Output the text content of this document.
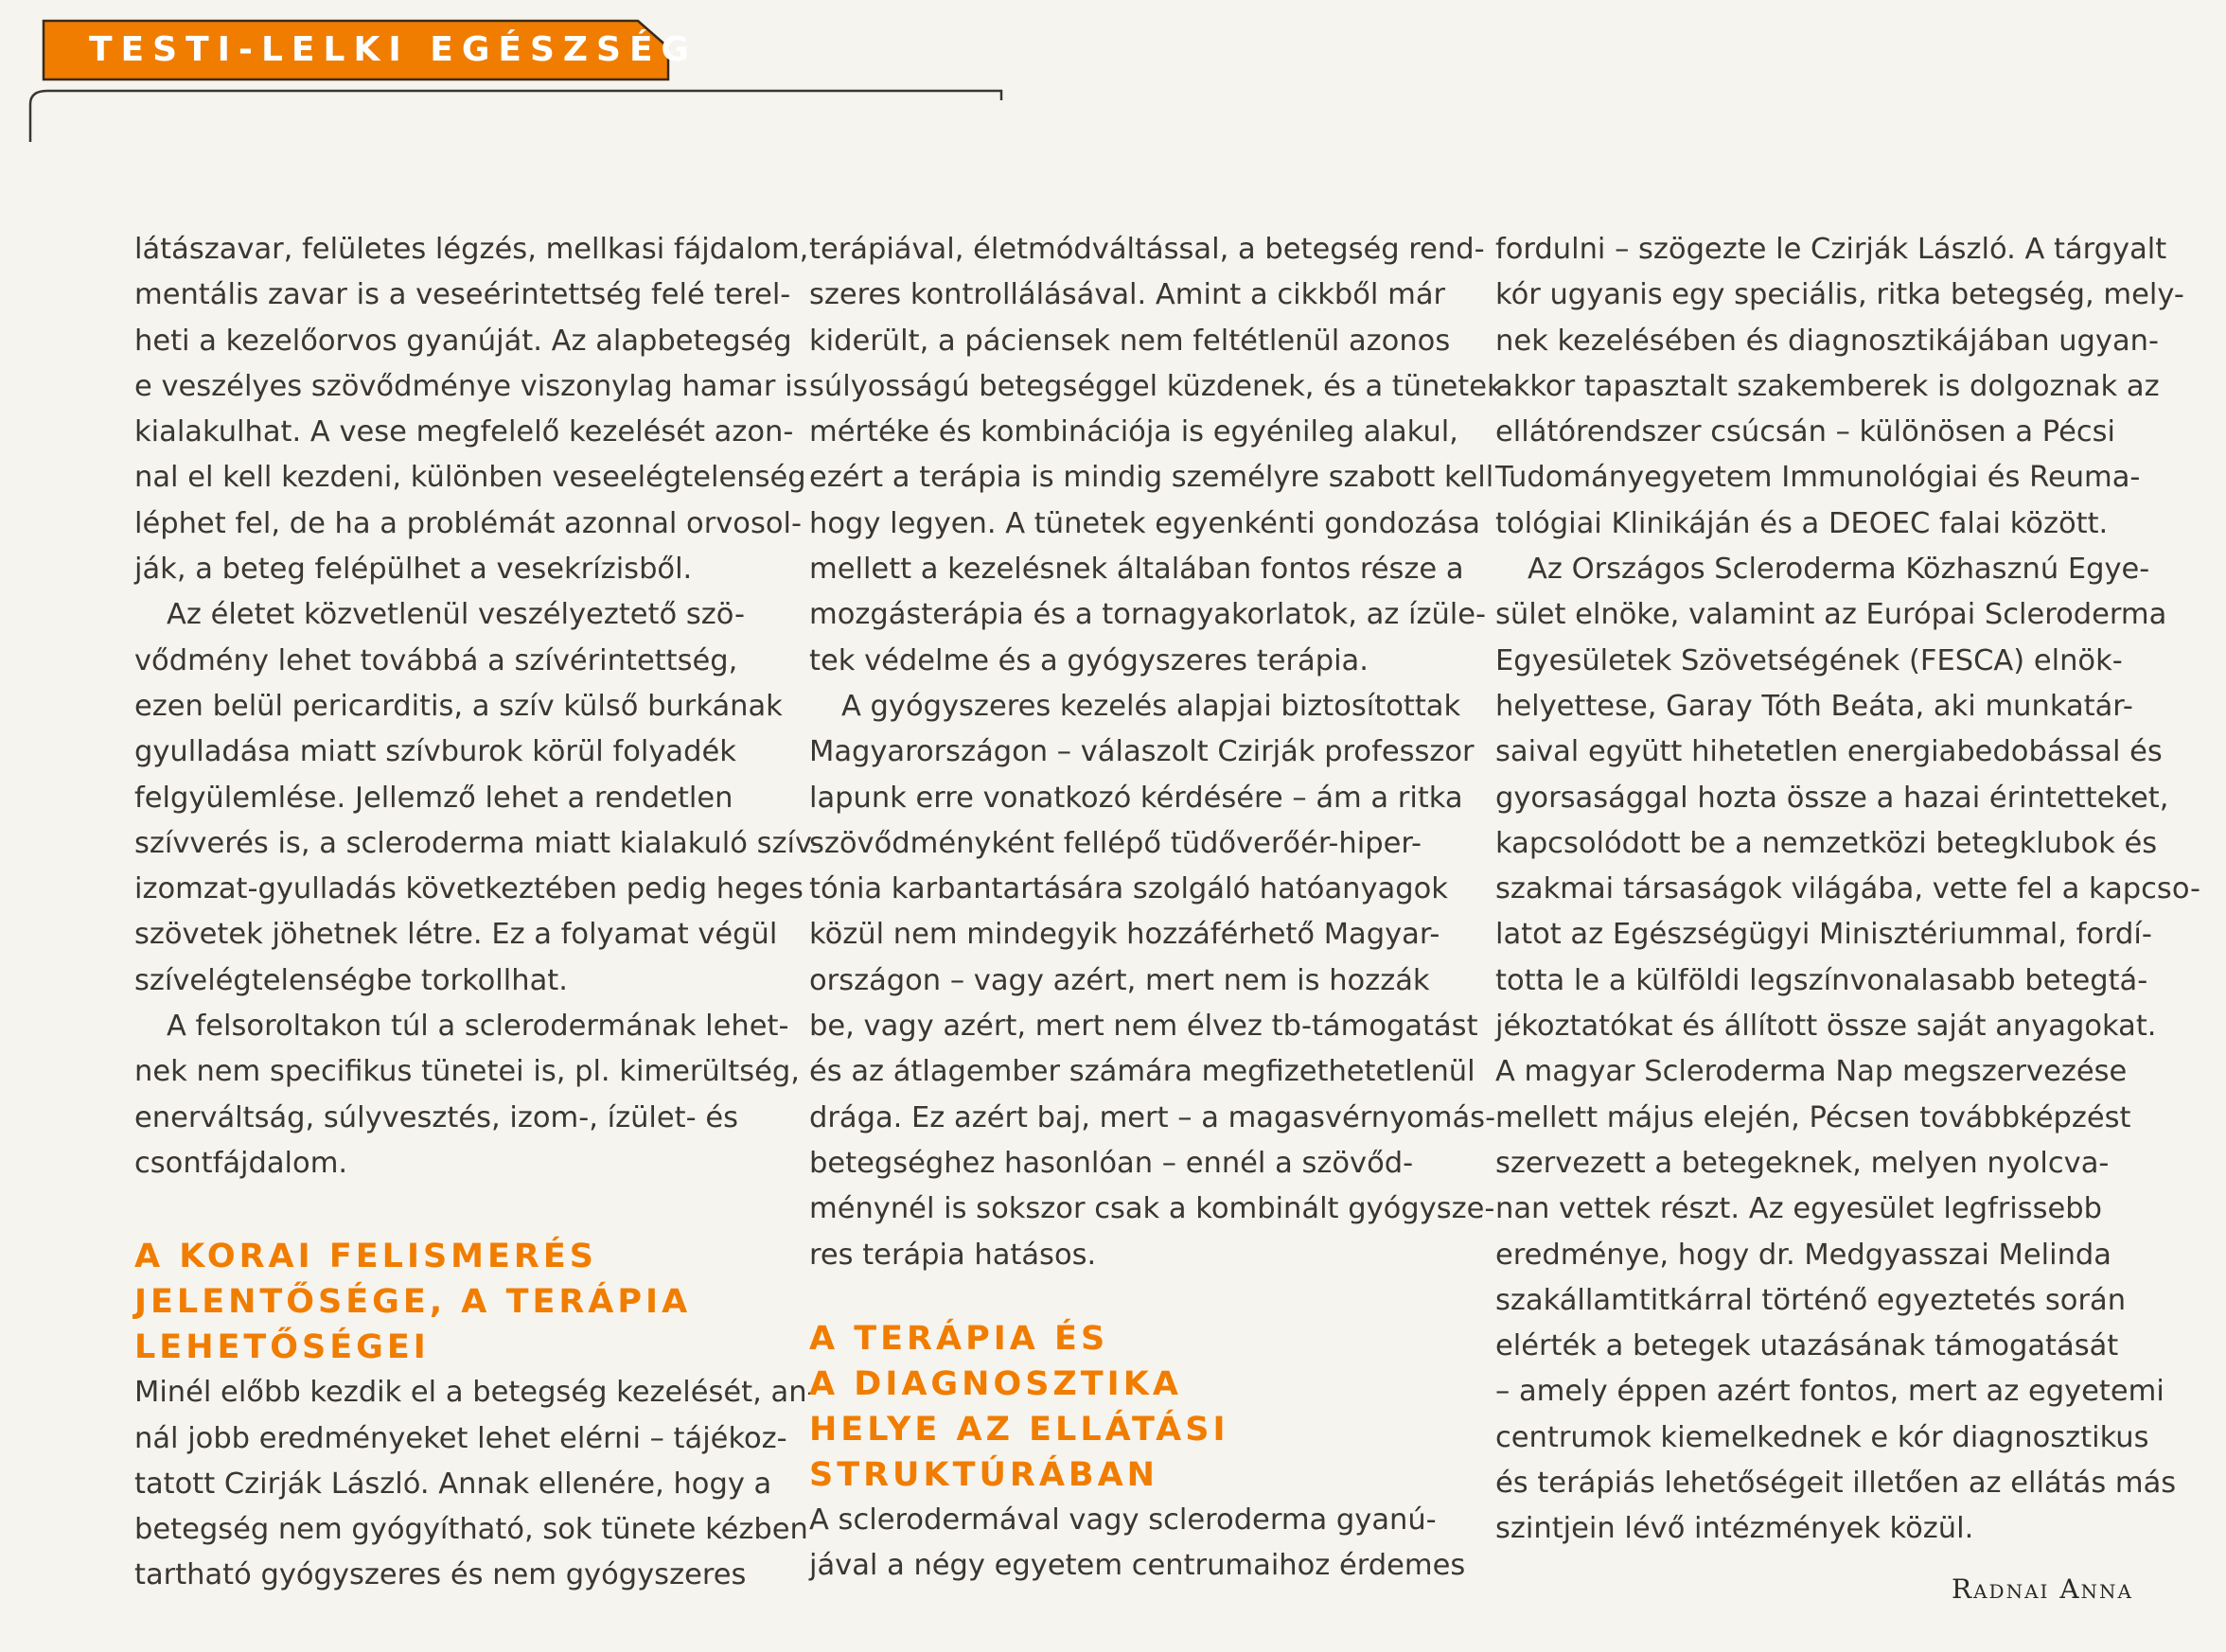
TESTI-LELKI EGÉSZSÉG
látászavar, felületes légzés, mellkasi fájdalom,
mentális zavar is a veseérintettség felé terel-
heti a kezelőorvos gyanúját. Az alapbetegség
e veszélyes szövődménye viszonylag hamar is
kialakulhat. A vese megfelelő kezelését azon-
nal el kell kezdeni, különben veseelégtelenség
léphet fel, de ha a problémát azonnal orvosol-
ják, a beteg felépülhet a vesekrízisből.
Az életet közvetlenül veszélyeztető szö-
vődmény lehet továbbá a szívérintettség,
ezen belül pericarditis, a szív külső burkának
gyulladása miatt szívburok körül folyadék
felgyülemlése. Jellemző lehet a rendetlen
szívverés is, a scleroderma miatt kialakuló szív-
izomzat-gyulladás következtében pedig heges
szövetek jöhetnek létre. Ez a folyamat végül
szívelégtelenségbe torkollhat.
A felsoroltakon túl a sclerodermának lehet-
nek nem specifikus tünetei is, pl. kimerültség,
enerváltság, súlyvesztés, izom-, ízület- és
csontfájdalom.
A KORAI FELISMERÉS
JELENTŐSÉGE, A TERÁPIA
LEHETŐSÉGEI
Minél előbb kezdik el a betegség kezelését, an-
nál jobb eredményeket lehet elérni – tájékoz-
tatott Czirják László. Annak ellenére, hogy a
betegség nem gyógyítható, sok tünete kézben
tartható gyógyszeres és nem gyógyszeres
terápiával, életmódváltással, a betegség rend-
szeres kontrollálásával. Amint a cikkből már
kiderült, a páciensek nem feltétlenül azonos
súlyosságú betegséggel küzdenek, és a tünetek
mértéke és kombinációja is egyénileg alakul,
ezért a terápia is mindig személyre szabott kell
hogy legyen. A tünetek egyenkénti gondozása
mellett a kezelésnek általában fontos része a
mozgásterápia és a tornagyakorlatok, az ízüle-
tek védelme és a gyógyszeres terápia.
A gyógyszeres kezelés alapjai biztosítottak
Magyarországon – válaszolt Czirják professzor
lapunk erre vonatkozó kérdésére – ám a ritka
szövődményként fellépő tüdőverőér-hiper-
tónia karbantartására szolgáló hatóanyagok
közül nem mindegyik hozzáférhető Magyar-
országon – vagy azért, mert nem is hozzák
be, vagy azért, mert nem élvez tb-támogatást
és az átlagember számára megfizethetetlenül
drága. Ez azért baj, mert – a magasvérnyomás-
betegséghez hasonlóan – ennél a szövőd-
ménynél is sokszor csak a kombinált gyógysze-
res terápia hatásos.
A TERÁPIA ÉS
A DIAGNOSZTIKA
HELYE AZ ELLÁTÁSI
STRUKTÚRÁBAN
A sclerodermával vagy scleroderma gyanú-
jával a négy egyetem centrumaihoz érdemes
fordulni – szögezte le Czirják László. A tárgyalt
kór ugyanis egy speciális, ritka betegség, mely-
nek kezelésében és diagnosztikájában ugyan-
akkor tapasztalt szakemberek is dolgoznak az
ellátórendszer csúcsán – különösen a Pécsi
Tudományegyetem Immunológiai és Reuma-
tológiai Klinikáján és a DEOEC falai között.
Az Országos Scleroderma Közhasznú Egye-
sület elnöke, valamint az Európai Scleroderma
Egyesületek Szövetségének (FESCA) elnök-
helyettese, Garay Tóth Beáta, aki munkatár-
saival együtt hihetetlen energiabedobással és
gyorsasággal hozta össze a hazai érintetteket,
kapcsolódott be a nemzetközi betegklubok és
szakmai társaságok világába, vette fel a kapcso-
latot az Egészségügyi Minisztériummal, fordí-
totta le a külföldi legszínvonalasabb betegtá-
jékoztatókat és állított össze saját anyagokat.
A magyar Scleroderma Nap megszervezése
mellett május elején, Pécsen továbbképzést
szervezett a betegeknek, melyen nyolcva-
nan vettek részt. Az egyesület legfrissebb
eredménye, hogy dr. Medgyasszai Melinda
szakállamtitkárral történő egyeztetés során
elérték a betegek utazásának támogatását
– amely éppen azért fontos, mert az egyetemi
centrumok kiemelkednek e kór diagnosztikus
és terápiás lehetőségeit illetően az ellátás más
szintjein lévő intézmények közül.
Radnai Anna
